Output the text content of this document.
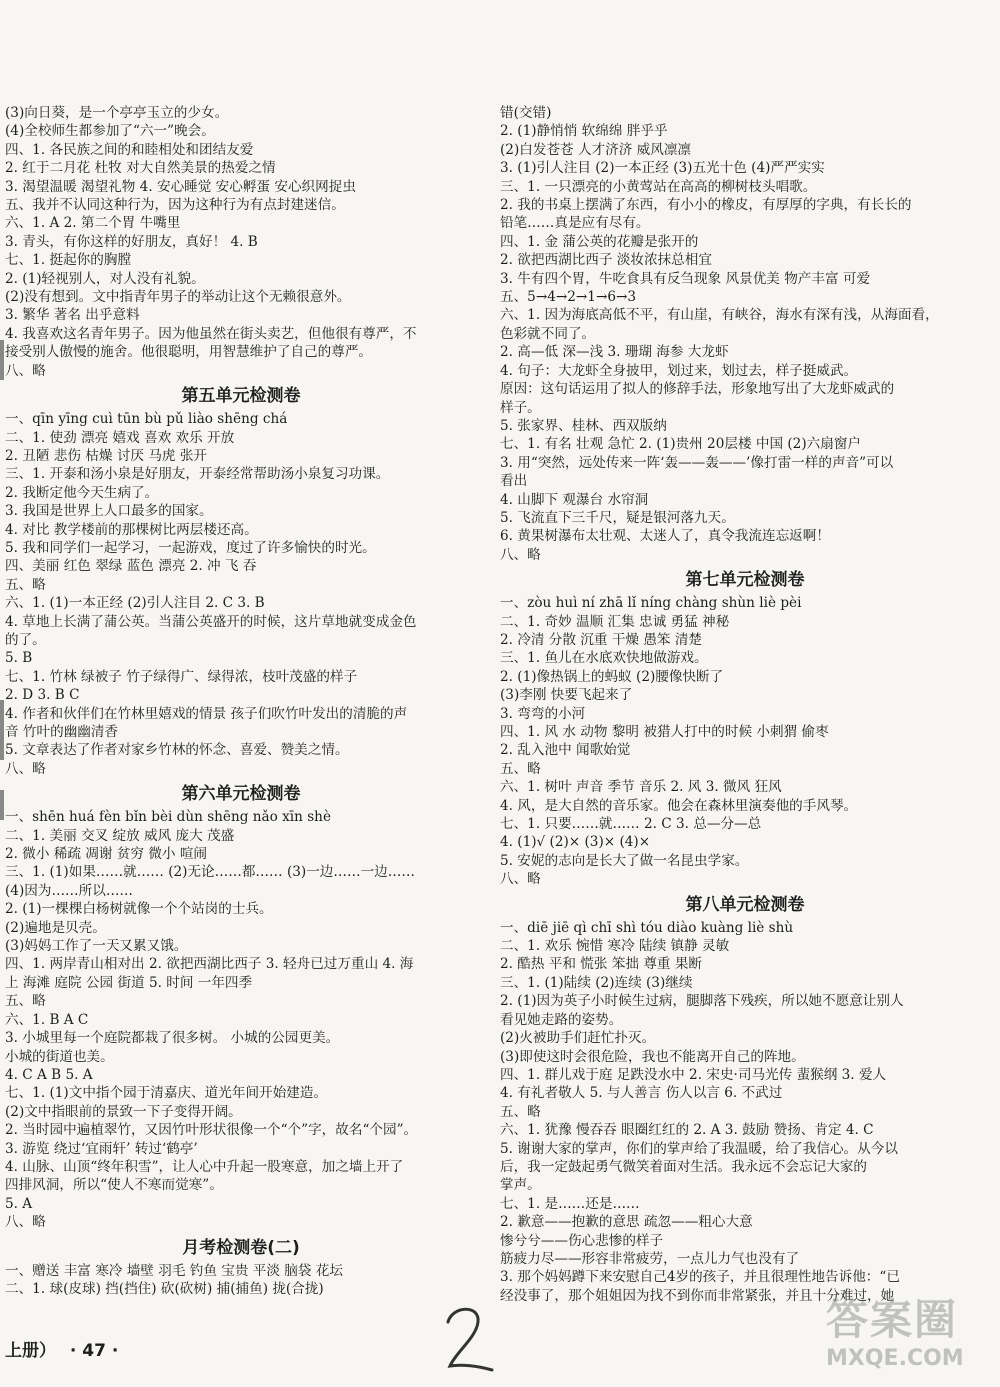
(3)向日葵，是一个亭亭玉立的少女。
(4)全校师生都参加了“六一”晚会。
四、1. 各民族之间的和睦相处和团结友爱
2. 红于二月花 杜牧 对大自然美景的热爱之情
3. 渴望温暖 渴望礼物 4. 安心睡觉 安心孵蛋 安心织网捉虫
五、我并不认同这种行为，因为这种行为有点封建迷信。
六、1. A 2. 第二个胃 牛嘴里
3. 青头，有你这样的好朋友，真好！ 4. B
七、1. 挺起你的胸膛
2. (1)轻视别人，对人没有礼貌。
(2)没有想到。文中指青年男子的举动让这个无赖很意外。
3. 繁华 著名 出乎意料
4. 我喜欢这名青年男子。因为他虽然在街头卖艺，但他很有尊严，不
接受别人傲慢的施舍。他很聪明，用智慧维护了自己的尊严。
八、略
第五单元检测卷
一、qīn yīng cuì tūn bù pǔ liào shēng chá
二、1. 使劲 漂亮 嬉戏 喜欢 欢乐 开放
2. 丑陋 悲伤 枯燥 讨厌 马虎 张开
三、1. 开泰和汤小泉是好朋友，开泰经常帮助汤小泉复习功课。
2. 我断定他今天生病了。
3. 我国是世界上人口最多的国家。
4. 对比 教学楼前的那棵树比两层楼还高。
5. 我和同学们一起学习，一起游戏，度过了许多愉快的时光。
四、美丽 红色 翠绿 蓝色 漂亮 2. 冲 飞 吞
五、略
六、1. (1)一本正经 (2)引人注目 2. C 3. B
4. 草地上长满了蒲公英。当蒲公英盛开的时候，这片草地就变成金色
的了。
5. B
七、1. 竹林 绿被子 竹子绿得广、绿得浓，枝叶茂盛的样子
2. D 3. B C
4. 作者和伙伴们在竹林里嬉戏的情景 孩子们吹竹叶发出的清脆的声
音 竹叶的幽幽清香
5. 文章表达了作者对家乡竹林的怀念、喜爱、赞美之情。
八、略
第六单元检测卷
一、shēn huá fèn bǐn bèi dùn shēng nǎo xīn shè
二、1. 美丽 交叉 绽放 威风 庞大 茂盛
2. 微小 稀疏 凋谢 贫穷 微小 喧闹
三、1. (1)如果……就…… (2)无论……都…… (3)一边……一边……
(4)因为……所以……
2. (1)一棵棵白杨树就像一个个站岗的士兵。
(2)遍地是贝壳。
(3)妈妈工作了一天又累又饿。
四、1. 两岸青山相对出 2. 欲把西湖比西子 3. 轻舟已过万重山 4. 海
上 海滩 庭院 公园 街道 5. 时间 一年四季
五、略
六、1. B A C
3. 小城里每一个庭院都栽了很多树。 小城的公园更美。
小城的街道也美。
4. C A B 5. A
七、1. (1)文中指个园于清嘉庆、道光年间开始建造。
(2)文中指眼前的景致一下子变得开阔。
2. 当时园中遍植翠竹，又因竹叶形状很像一个“个”字，故名“个园”。
3. 游览 绕过‘宜雨轩’ 转过‘鹤亭’
4. 山脉、山顶“终年积雪”，让人心中升起一股寒意，加之墙上开了
四排风洞，所以“使人不寒而觉寒”。
5. A
八、略
月考检测卷(二)
一、赠送 丰富 寒冷 墙壁 羽毛 钓鱼 宝贵 平淡 脑袋 花坛
二、1. 球(皮球) 挡(挡住) 砍(砍树) 捕(捕鱼) 拢(合拢)
错(交错)
2. (1)静悄悄 软绵绵 胖乎乎
(2)白发苍苍 人才济济 威风凛凛
3. (1)引人注目 (2)一本正经 (3)五光十色 (4)严严实实
三、1. 一只漂亮的小黄莺站在高高的柳树枝头唱歌。
2. 我的书桌上摆满了东西，有小小的橡皮，有厚厚的字典，有长长的
铅笔……真是应有尽有。
四、1. 金 蒲公英的花瓣是张开的
2. 欲把西湖比西子 淡妆浓抹总相宜
3. 牛有四个胃，牛吃食具有反刍现象 风景优美 物产丰富 可爱
五、5→4→2→1→6→3
六、1. 因为海底高低不平，有山崖，有峡谷，海水有深有浅，从海面看，
色彩就不同了。
2. 高—低 深—浅 3. 珊瑚 海参 大龙虾
4. 句子：大龙虾全身披甲，划过来，划过去，样子挺威武。
原因：这句话运用了拟人的修辞手法，形象地写出了大龙虾威武的
样子。
5. 张家界、桂林、西双版纳
七、1. 有名 壮观 急忙 2. (1)贵州 20层楼 中国 (2)六扇窗户
3. 用“突然，远处传来一阵‘轰——轰——’像打雷一样的声音”可以
看出
4. 山脚下 观瀑台 水帘洞
5. 飞流直下三千尺，疑是银河落九天。
6. 黄果树瀑布太壮观、太迷人了，真令我流连忘返啊！
八、略
第七单元检测卷
一、zòu huì ní zhā lǐ níng chàng shùn liè pèi
二、1. 奇妙 温顺 汇集 忠诚 勇猛 神秘
2. 冷清 分散 沉重 干燥 愚笨 清楚
三、1. 鱼儿在水底欢快地做游戏。
2. (1)像热锅上的蚂蚁 (2)腰像快断了
(3)李刚 快要飞起来了
3. 弯弯的小河
四、1. 风 水 动物 黎明 被猎人打中的时候 小刺猬 偷枣
2. 乱入池中 闻歌始觉
五、略
六、1. 树叶 声音 季节 音乐 2. 风 3. 微风 狂风
4. 风，是大自然的音乐家。他会在森林里演奏他的手风琴。
七、1. 只要……就…… 2. C 3. 总—分—总
4. (1)√ (2)× (3)× (4)×
5. 安妮的志向是长大了做一名昆虫学家。
八、略
第八单元检测卷
一、diē jiē qì chī shì tóu diào kuàng liè shù
二、1. 欢乐 惋惜 寒冷 陆续 镇静 灵敏
2. 酷热 平和 慌张 笨拙 尊重 果断
三、1. (1)陆续 (2)连续 (3)继续
2. (1)因为英子小时候生过病，腿脚落下残疾，所以她不愿意让别人
看见她走路的姿势。
(2)火被助手们赶忙扑灭。
(3)即使这时会很危险，我也不能离开自己的阵地。
四、1. 群儿戏于庭 足跌没水中 2. 宋史·司马光传 蜚猴纲 3. 爱人
4. 有礼者敬人 5. 与人善言 伤人以言 6. 不武过
五、略
六、1. 犹豫 慢吞吞 眼圈红红的 2. A 3. 鼓励 赞扬、肯定 4. C
5. 谢谢大家的掌声，你们的掌声给了我温暖，给了我信心。从今以
后，我一定鼓起勇气微笑着面对生活。我永远不会忘记大家的
掌声。
七、1. 是……还是……
2. 歉意——抱歉的意思 疏忽——粗心大意
惨兮兮——伤心悲惨的样子
筋疲力尽——形容非常疲劳，一点儿力气也没有了
3. 那个妈妈蹲下来安慰自己4岁的孩子，并且很理性地告诉他：“已
经没事了，那个姐姐因为找不到你而非常紧张，并且十分难过，她
上册） · 47 ·
答案圈
MXQE.COM
